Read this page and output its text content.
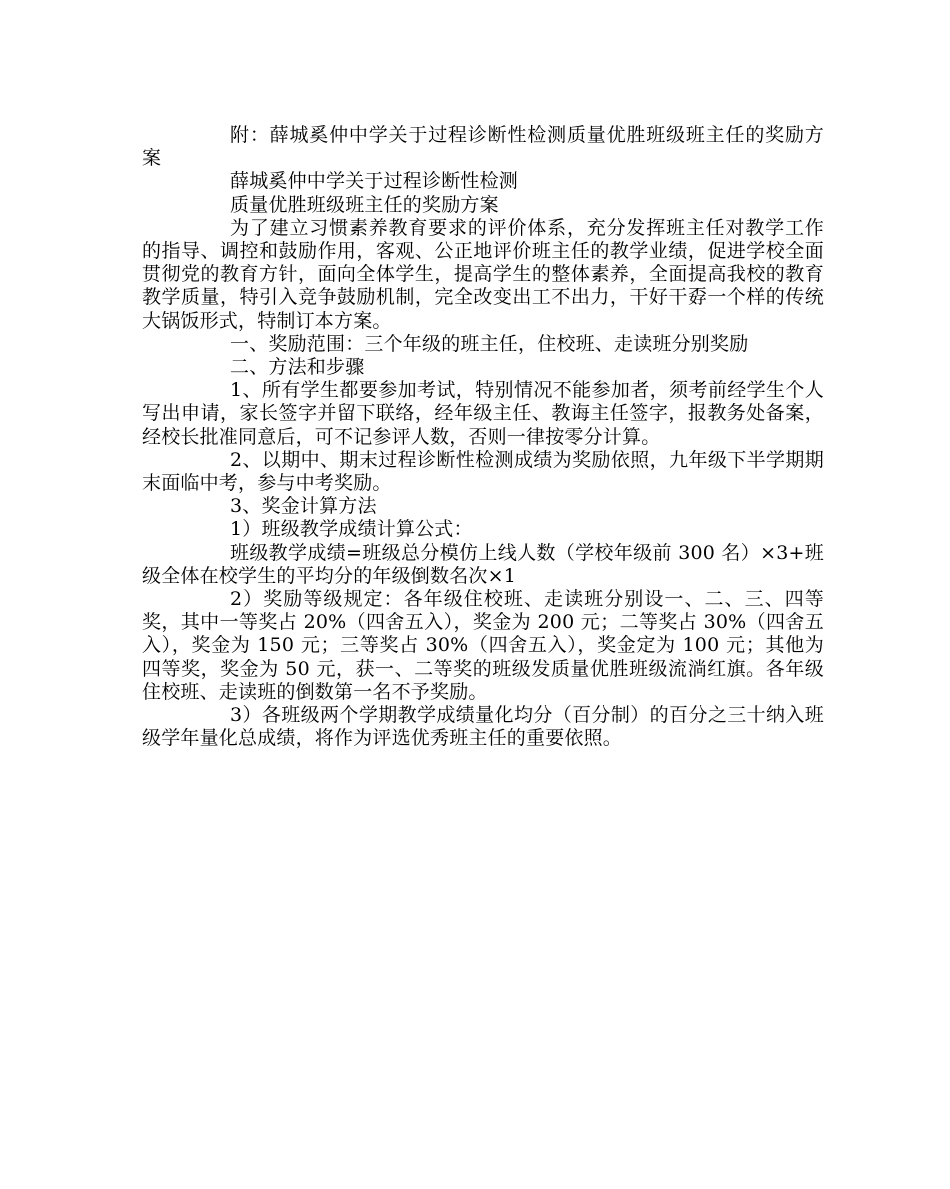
附：薛城奚仲中学关于过程诊断性检测质量优胜班级班主任的奖励方案

薛城奚仲中学关于过程诊断性检测

质量优胜班级班主任的奖励方案

为了建立习惯素养教育要求的评价体系，充分发挥班主任对教学工作的指导、调控和鼓励作用，客观、公正地评价班主任的教学业绩，促进学校全面贯彻党的教育方针，面向全体学生，提高学生的整体素养，全面提高我校的教育教学质量，特引入竞争鼓励机制，完全改变出工不出力，干好干孬一个样的传统大锅饭形式，特制订本方案。

一、奖励范围：三个年级的班主任，住校班、走读班分别奖励

二、方法和步骤

1、所有学生都要参加考试，特别情况不能参加者，须考前经学生个人写出申请，家长签字并留下联络，经年级主任、教诲主任签字，报教务处备案，经校长批准同意后，可不记参评人数，否则一律按零分计算。

2、以期中、期末过程诊断性检测成绩为奖励依照，九年级下半学期期末面临中考，参与中考奖励。

3、奖金计算方法

1）班级教学成绩计算公式：

班级教学成绩=班级总分模仿上线人数（学校年级前 300 名）×3+班级全体在校学生的平均分的年级倒数名次×1

2）奖励等级规定：各年级住校班、走读班分别设一、二、三、四等奖，其中一等奖占 20%（四舍五入），奖金为 200 元；二等奖占 30%（四舍五入），奖金为 150 元；三等奖占 30%（四舍五入），奖金定为 100 元；其他为四等奖，奖金为 50 元，获一、二等奖的班级发质量优胜班级流淌红旗。各年级住校班、走读班的倒数第一名不予奖励。

3）各班级两个学期教学成绩量化均分（百分制）的百分之三十纳入班级学年量化总成绩，将作为评选优秀班主任的重要依照。
